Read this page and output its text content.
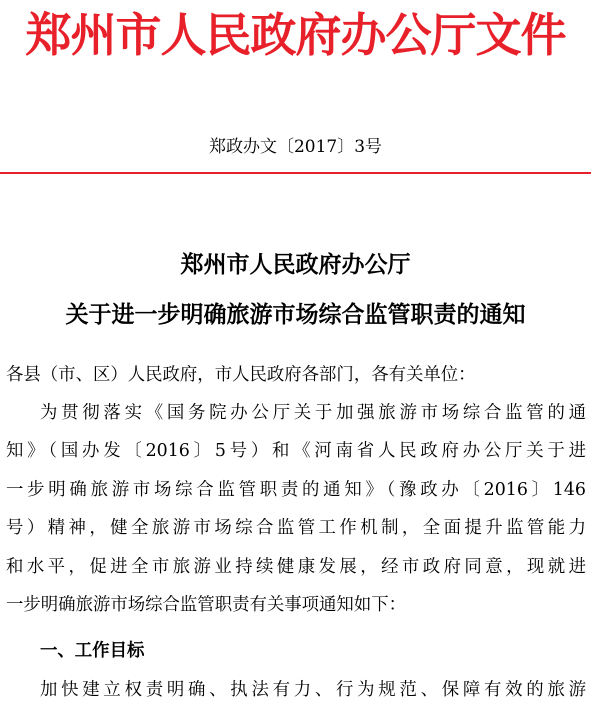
郑州市人民政府办公厅文件
郑政办文〔2017〕3号
郑州市人民政府办公厅
关于进一步明确旅游市场综合监管职责的通知
各县（市、区）人民政府，市人民政府各部门，各有关单位：
为贯彻落实《国务院办公厅关于加强旅游市场综合监管的通
知》（国办发〔2016〕5号）和《河南省人民政府办公厅关于进
一步明确旅游市场综合监管职责的通知》（豫政办〔2016〕146
号）精神，健全旅游市场综合监管工作机制，全面提升监管能力
和水平，促进全市旅游业持续健康发展，经市政府同意，现就进
一步明确旅游市场综合监管职责有关事项通知如下：
一、工作目标
加快建立权责明确、执法有力、行为规范、保障有效的旅游
